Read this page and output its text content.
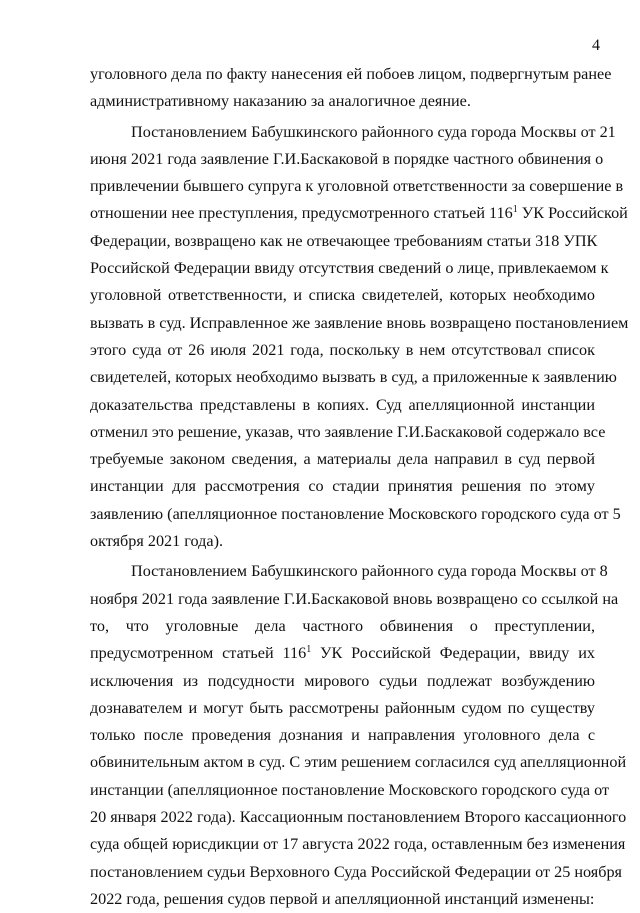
4
уголовного дела по факту нанесения ей побоев лицом, подвергнутым ранее
административному наказанию за аналогичное деяние.
Постановлением Бабушкинского районного суда города Москвы от 21
июня 2021 года заявление Г.И.Баскаковой в порядке частного обвинения о
привлечении бывшего супруга к уголовной ответственности за совершение в
отношении нее преступления, предусмотренного статьей $116^1$ УК Российской
Федерации, возвращено как не отвечающее требованиям статьи 318 УПК
Российской Федерации ввиду отсутствия сведений о лице, привлекаемом к
уголовной ответственности, и списка свидетелей, которых необходимо
вызвать в суд. Исправленное же заявление вновь возвращено постановлением
этого суда от 26 июля 2021 года, поскольку в нем отсутствовал список
свидетелей, которых необходимо вызвать в суд, а приложенные к заявлению
доказательства представлены в копиях. Суд апелляционной инстанции
отменил это решение, указав, что заявление Г.И.Баскаковой содержало все
требуемые законом сведения, а материалы дела направил в суд первой
инстанции для рассмотрения со стадии принятия решения по этому
заявлению (апелляционное постановление Московского городского суда от 5
октября 2021 года).
Постановлением Бабушкинского районного суда города Москвы от 8
ноября 2021 года заявление Г.И.Баскаковой вновь возвращено со ссылкой на
то, что уголовные дела частного обвинения о преступлении,
предусмотренном статьей $116^1$ УК Российской Федерации, ввиду их
исключения из подсудности мирового судьи подлежат возбуждению
дознавателем и могут быть рассмотрены районным судом по существу
только после проведения дознания и направления уголовного дела с
обвинительным актом в суд. С этим решением согласился суд апелляционной
инстанции (апелляционное постановление Московского городского суда от
20 января 2022 года). Кассационным постановлением Второго кассационного
суда общей юрисдикции от 17 августа 2022 года, оставленным без изменения
постановлением судьи Верховного Суда Российской Федерации от 25 ноября
2022 года, решения судов первой и апелляционной инстанций изменены:
